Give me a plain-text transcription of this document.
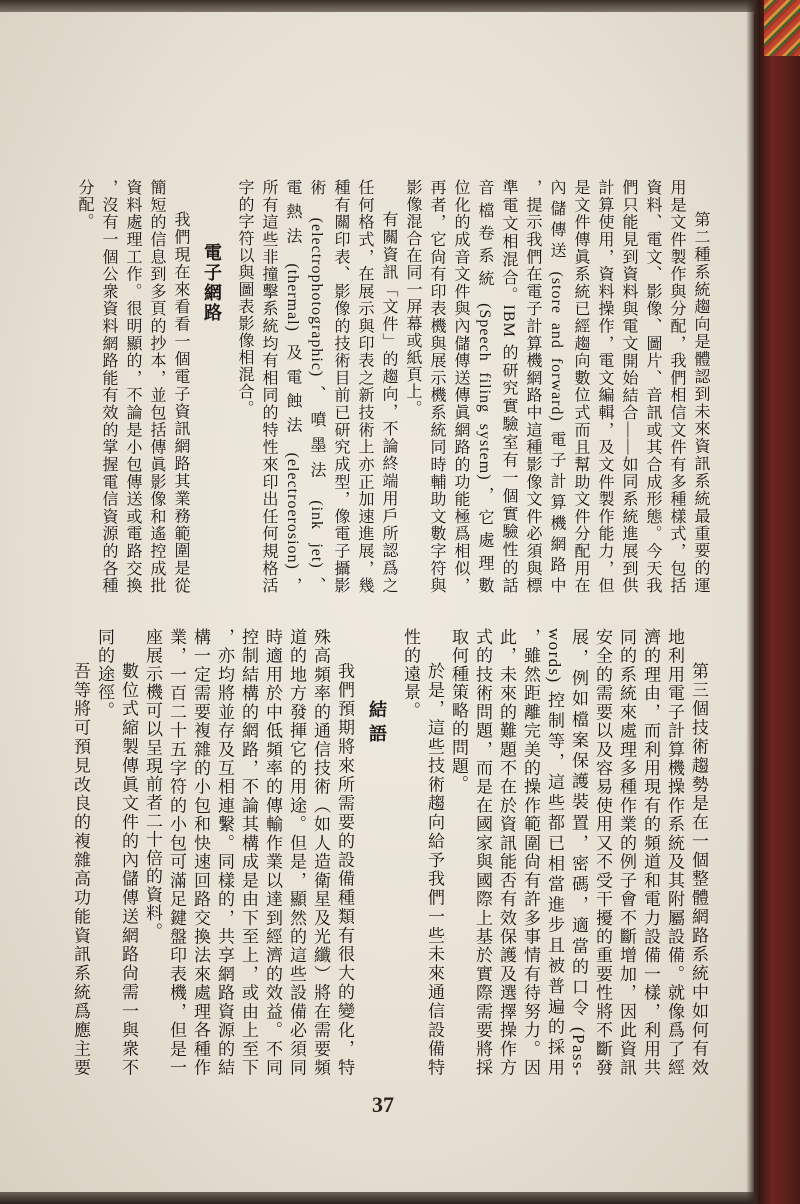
第二種系統趨向是體認到未來資訊系統最重要的運
用是文件製作與分配，我們相信文件有多種樣式，包括
資料、電文、影像、圖片、音訊或其合成形態。今天我
們只能見到資料與電文開始結合——如同系統進展到供
計算使用，資料操作，電文編輯，及文件製作能力，但
是文件傳眞系統已經趨向數位式而且幫助文件分配用在
內儲傳送 (store and forward) 電子計算機網路中
，提示我們在電子計算機網路中這種影像文件必須與標
準電文相混合。IBM 的研究實驗室有一個實驗性的話
音檔卷系統 (Speech filing system)，它處理數
位化的成音文件與內儲傳送傳眞網路的功能極爲相似，
再者，它尙有印表機與展示機系統同時輔助文數字符與
影像混合在同一屏幕或紙頁上。
有關資訊「文件」的趨向，不論終端用戶所認爲之
任何格式，在展示與印表之新技術上亦正加速進展，幾
種有關印表、影像的技術目前已研究成型，像電子攝影
術 (electrophotographic)、噴墨法 (ink jet)、
電熱法 (thermal) 及電蝕法 (electroerosion)，
所有這些非撞擊系統均有相同的特性來印出任何規格活
字的字符以與圖表影像相混合。
電子網路
我們現在來看看一個電子資訊網路其業務範圍是從
簡短的信息到多頁的抄本，並包括傳眞影像和遙控成批
資料處理工作。很明顯的，不論是小包傳送或電路交換
，沒有一個公衆資料網路能有效的掌握電信資源的各種
分配。
第三個技術趨勢是在一個整體網路系統中如何有效
地利用電子計算機操作系統及其附屬設備。就像爲了經
濟的理由，而利用現有的頻道和電力設備一樣，利用共
同的系統來處理多種作業的例子會不斷增加，因此資訊
安全的需要以及容易使用又不受干擾的重要性將不斷發
展，例如檔案保護裝置，密碼，適當的口令 (Pass-
words) 控制等，這些都已相當進步且被普遍的採用
，雖然距離完美的操作範圍尙有許多事情有待努力。因
此，未來的難題不在於資訊能否有效保護及選擇操作方
式的技術問題，而是在國家與國際上基於實際需要將採
取何種策略的問題。
於是，這些技術趨向給予我們一些未來通信設備特
性的遠景。
結語
我們預期將來所需要的設備種類有很大的變化，特
殊高頻率的通信技術（如人造衛星及光纖）將在需要頻
道的地方發揮它的用途。但是，顯然的這些設備必須同
時適用於中低頻率的傳輸作業以達到經濟的效益。不同
控制結構的網路，不論其構成是由下至上，或由上至下
，亦均將並存及互相連繫。同樣的，共享網路資源的結
構一定需要複雜的小包和快速回路交換法來處理各種作
業，一百二十五字符的小包可滿足鍵盤印表機，但是一
座展示機可以呈現前者二十倍的資料。
數位式縮製傳眞文件的內儲傳送網路尙需一與衆不
同的途徑。
吾等將可預見改良的複雜高功能資訊系統爲應主要
37
